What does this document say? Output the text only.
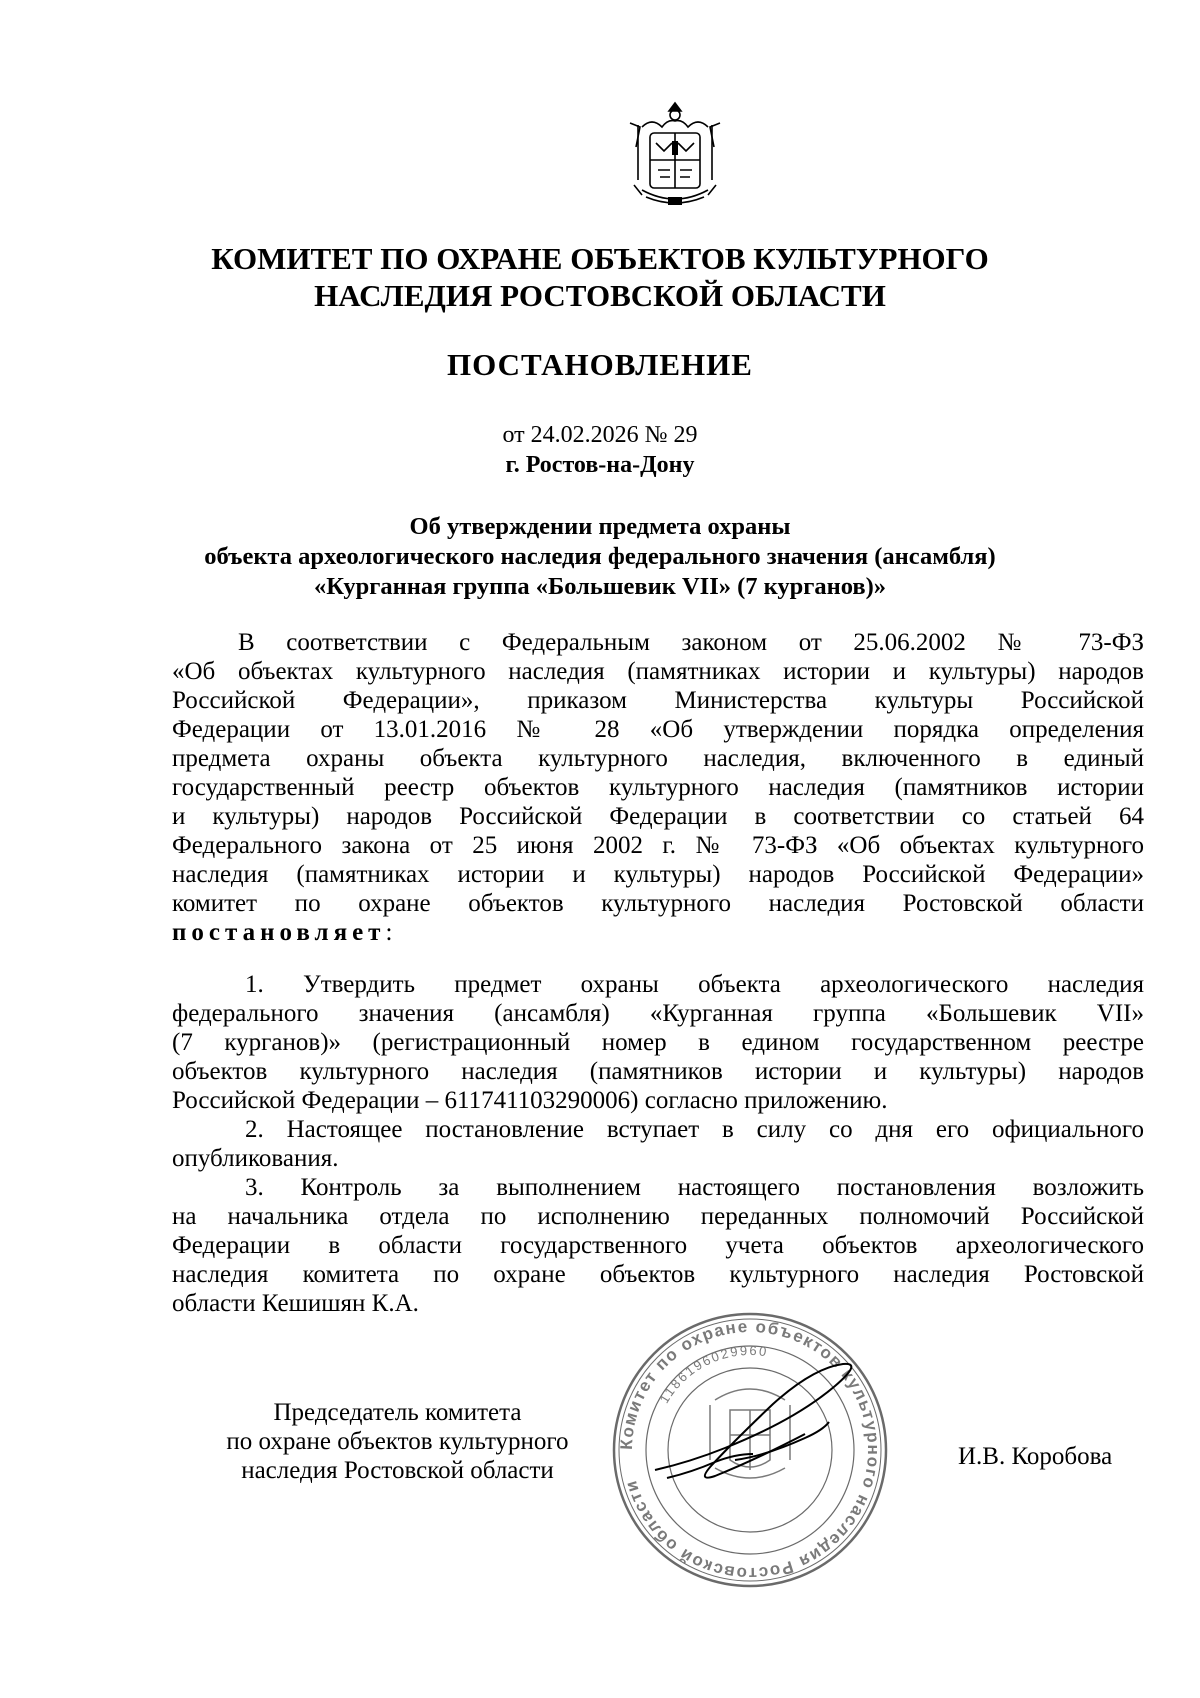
КОМИТЕТ ПО ОХРАНЕ ОБЪЕКТОВ КУЛЬТУРНОГО
НАСЛЕДИЯ РОСТОВСКОЙ ОБЛАСТИ
ПОСТАНОВЛЕНИЕ
от 24.02.2026 № 29
г. Ростов-на-Дону
Об утверждении предмета охраны
объекта археологического наследия федерального значения (ансамбля)
«Курганная группа «Большевик VII» (7 курганов)»
В соответствии с Федеральным законом от 25.06.2002 № 73-ФЗ
«Об объектах культурного наследия (памятниках истории и культуры) народов
Российской Федерации», приказом Министерства культуры Российской
Федерации от 13.01.2016 № 28 «Об утверждении порядка определения
предмета охраны объекта культурного наследия, включенного в единый
государственный реестр объектов культурного наследия (памятников истории
и культуры) народов Российской Федерации в соответствии со статьей 64
Федерального закона от 25 июня 2002 г. № 73-ФЗ «Об объектах культурного
наследия (памятниках истории и культуры) народов Российской Федерации»
комитет по охране объектов культурного наследия Ростовской области
постановляет:
1. Утвердить предмет охраны объекта археологического наследия
федерального значения (ансамбля) «Курганная группа «Большевик VII»
(7 курганов)» (регистрационный номер в едином государственном реестре
объектов культурного наследия (памятников истории и культуры) народов
Российской Федерации – 611741103290006) согласно приложению.
2. Настоящее постановление вступает в силу со дня его официального
опубликования.
3. Контроль за выполнением настоящего постановления возложить
на начальника отдела по исполнению переданных полномочий Российской
Федерации в области государственного учета объектов археологического
наследия комитета по охране объектов культурного наследия Ростовской
области Кешишян К.А.
Председатель комитета
по охране объектов культурного
наследия Ростовской области
Комитет по охране объектов культурного наследия Ростовской области
1186196029960
И.В. Коробова
